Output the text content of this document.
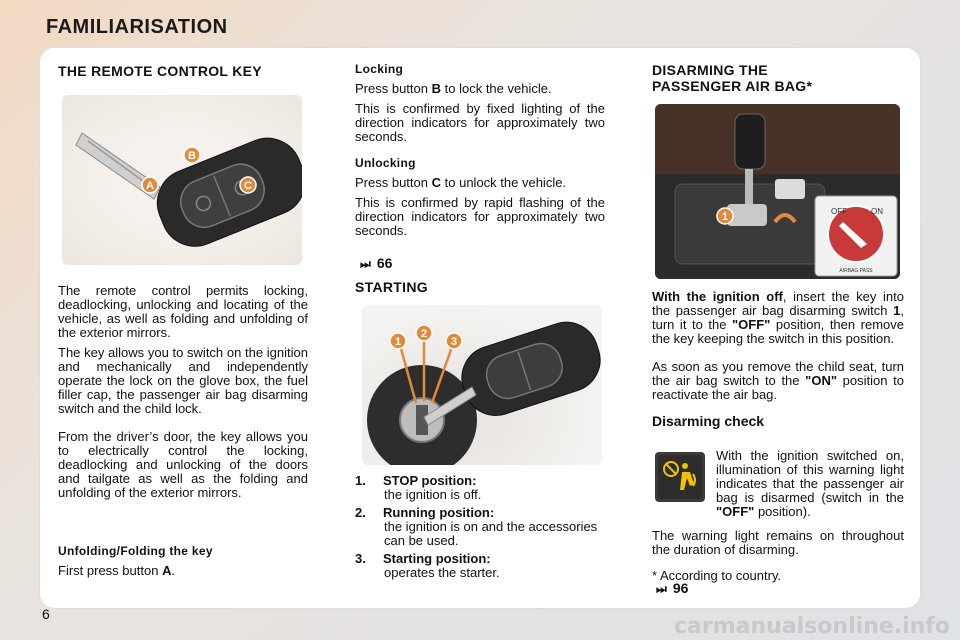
FAMILIARISATION
THE REMOTE CONTROL KEY
B
A	C

The remote control permits locking, deadlocking, unlocking and locating of the vehicle, as well as folding and unfolding of the exterior mirrors.

The key allows you to switch on the ignition and mechanically and independently operate the lock on the glove box, the fuel filler cap, the passenger air bag disarming switch and the child lock.

From the driver’s door, the key allows you to electrically control the locking, deadlocking and unlocking of the doors and tailgate as well as the folding and unfolding of the exterior mirrors.

Unfolding/Folding the key
First press button A.
Locking

Press button B to lock the vehicle.

This is confirmed by fixed lighting of the direction indicators for approximately two seconds.

Unlocking

Press button C to unlock the vehicle.

This is confirmed by rapid flashing of the direction indicators for approximately two seconds.

⏭ 66
STARTING
1
2
3
1. STOP position:
the ignition is off.
2. Running position:
the ignition is on and the accessories can be used.
3. Starting position:
operates the starter.
DISARMING THE
PASSENGER AIR BAG*
1	OFF	ON
AIRBAG PASS

With the ignition off, insert the key into the passenger air bag disarming switch 1, turn it to the "OFF" position, then remove the key keeping the switch in this position.

As soon as you remove the child seat, turn the air bag switch to the "ON" position to reactivate the air bag.

Disarming check

With the ignition switched on, illumination of this warning light indicates that the passenger air bag is disarmed (switch in the "OFF" position).

The warning light remains on throughout the duration of disarming.

* According to country.

⏭ 96
6	carmanualsonline.info
